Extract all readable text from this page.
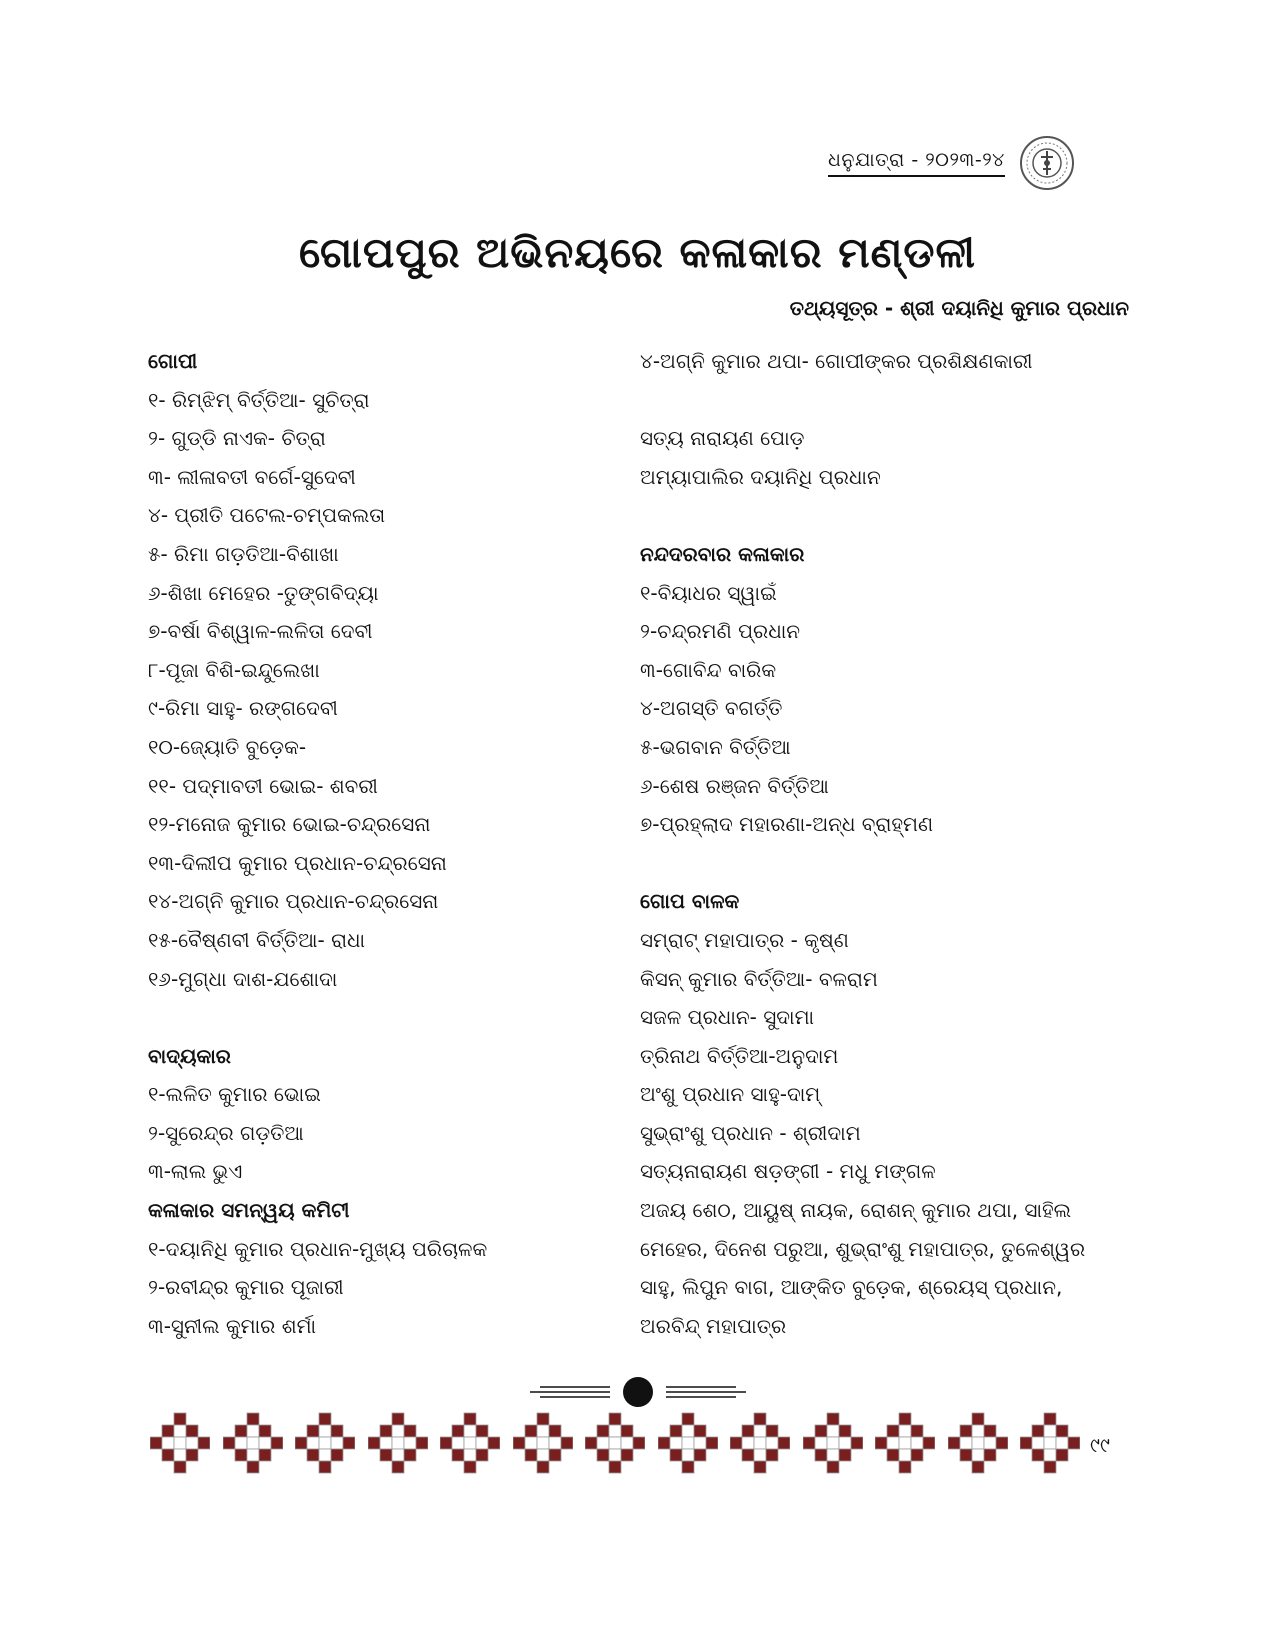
ଧନୁଯାତ୍ରା - ୨୦୨୩-୨୪
ଗୋପପୁର ଅଭିନୟରେ କଳାକାର ମଣ୍ଡଳୀ
ତଥ୍ୟସୂତ୍ର - ଶ୍ରୀ ଦୟାନିଧି କୁମାର ପ୍ରଧାନ
ଗୋପୀ
୧- ରିମ୍‌ଝିମ୍ ବିର୍ତ୍ତିଆ- ସୁଚିତ୍ରା
୨- ଗୁଡ୍ଡି ନାଏକ- ଚିତ୍ରା
୩- ଲୀଳାବତୀ ବର୍ଗେ-ସୁଦେବୀ
୪- ପ୍ରୀତି ପଟେଲ-ଚମ୍ପକଲତା
୫- ରିମା ଗଡ଼ତିଆ-ବିଶାଖା
୬-ଶିଖା ମେହେର -ତୁଙ୍ଗବିଦ୍ୟା
୭-ବର୍ଷା ବିଶ୍ୱାଳ-ଲଳିତା ଦେବୀ
୮-ପୂଜା ବିଶି-ଇନ୍ଦୁଲେଖା
୯-ରିମା ସାହୁ- ରଙ୍ଗଦେବୀ
୧୦-ଜ୍ୟୋତି ବୁଡ଼େକ-
୧୧- ପଦ୍ମାବତୀ ଭୋଇ- ଶବରୀ
୧୨-ମନୋଜ କୁମାର ଭୋଇ-ଚନ୍ଦ୍ରସେନା
୧୩-ଦିଲୀପ କୁମାର ପ୍ରଧାନ-ଚନ୍ଦ୍ରସେନା
୧୪-ଅଗ୍ନି କୁମାର ପ୍ରଧାନ-ଚନ୍ଦ୍ରସେନା
୧୫-ବୈଷ୍ଣବୀ ବିର୍ତ୍ତିଆ- ରାଧା
୧୬-ମୁଗ୍ଧା ଦାଶ-ଯଶୋଦା
ବାଦ୍ୟକାର
୧-ଲଳିତ କୁମାର ଭୋଇ
୨-ସୁରେନ୍ଦ୍ର ଗଡ଼ତିଆ
୩-ଲାଲ ଭୁଏ
କଳାକାର ସମନ୍ୱୟ କମିଟୀ
୧-ଦୟାନିଧି କୁମାର ପ୍ରଧାନ-ମୁଖ୍ୟ ପରିଚାଳକ
୨-ରବୀନ୍ଦ୍ର କୁମାର ପୂଜାରୀ
୩-ସୁନୀଲ କୁମାର ଶର୍ମା
୪-ଅଗ୍ନି କୁମାର ଥପା- ଗୋପୀଙ୍କର ପ୍ରଶିକ୍ଷଣକାରୀ
ସତ୍ୟ ନାରାୟଣ ପୋଡ଼
ଅମ୍ୟାପାଲିର ଦୟାନିଧି ପ୍ରଧାନ
ନନ୍ଦଦରବାର କଳାକାର
୧-ବିୟାଧର ସ୍ୱାଇଁ
୨-ଚନ୍ଦ୍ରମଣି ପ୍ରଧାନ
୩-ଗୋବିନ୍ଦ ବାରିକ
୪-ଅଗସ୍ତି ବଗର୍ତ୍ତି
୫-ଭଗବାନ ବିର୍ତ୍ତିଆ
୬-ଶେଷ ରଞ୍ଜନ ବିର୍ତ୍ତିଆ
୭-ପ୍ରହ୍ଲାଦ ମହାରଣା-ଅନ୍ଧ ବ୍ରାହ୍ମଣ
ଗୋପ ବାଳକ
ସମ୍ରାଟ୍ ମହାପାତ୍ର - କୃଷ୍ଣ
କିସନ୍ କୁମାର ବିର୍ତ୍ତିଆ- ବଳରାମ
ସଜଳ ପ୍ରଧାନ- ସୁଦାମା
ତ୍ରିନାଥ ବିର୍ତ୍ତିଆ-ଅନୁଦାମ
ଅଂଶୁ ପ୍ରଧାନ ସାହୁ-ଦାମ୍
ସୁଭ୍ରାଂଶୁ ପ୍ରଧାନ - ଶ୍ରୀଦାମ
ସତ୍ୟନାରାୟଣ ଷଡ଼ଙ୍ଗୀ - ମଧୁ ମଙ୍ଗଳ
ଅଜୟ ଶେଠ, ଆୟୁଷ୍ ନାୟକ, ରୋଶନ୍ କୁମାର ଥପା, ସାହିଲ ମେହେର, ଦିନେଶ ପରୁଆ, ଶୁଭ୍ରାଂଶୁ ମହାପାତ୍ର, ତୁଳେଶ୍ୱର ସାହୁ, ଲିପୁନ ବାଗ, ଆଙ୍କିତ ବୁଡ଼େକ, ଶ୍ରେୟସ୍ ପ୍ରଧାନ, ଅରବିନ୍ଦ୍ ମହାପାତ୍ର
୯୯
